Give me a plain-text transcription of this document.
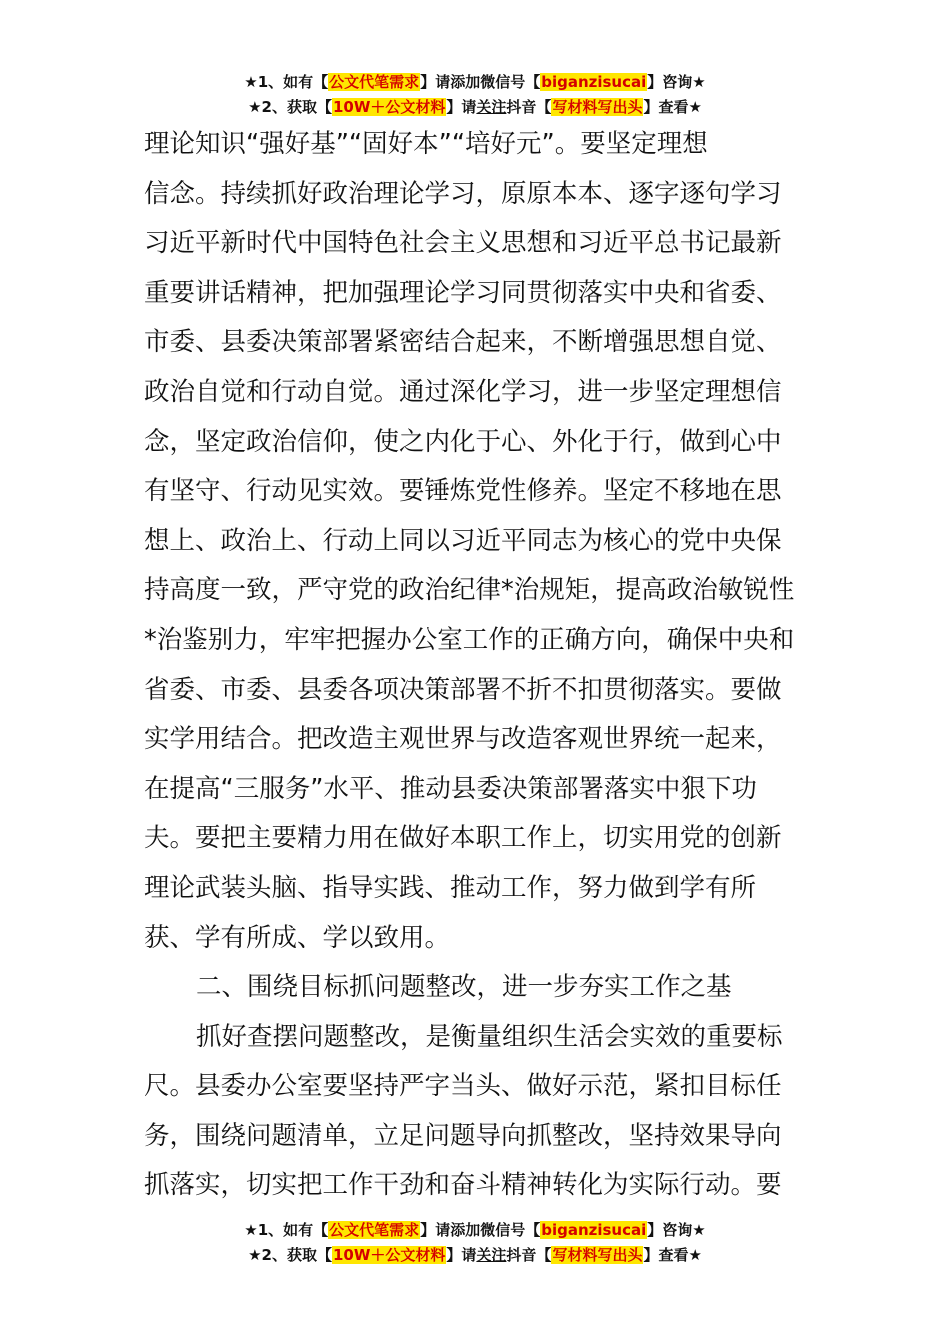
★1、如有【公文代笔需求】请添加微信号【biganzisucai】咨询★
★2、获取【10W＋公文材料】请关注抖音【写材料写出头】查看★
理论知识“强好基”“固好本”“培好元”。要坚定理想
信念。持续抓好政治理论学习，原原本本、逐字逐句学习
习近平新时代中国特色社会主义思想和习近平总书记最新
重要讲话精神，把加强理论学习同贯彻落实中央和省委、
市委、县委决策部署紧密结合起来，不断增强思想自觉、
政治自觉和行动自觉。通过深化学习，进一步坚定理想信
念，坚定政治信仰，使之内化于心、外化于行，做到心中
有坚守、行动见实效。要锤炼党性修养。坚定不移地在思
想上、政治上、行动上同以习近平同志为核心的党中央保
持高度一致，严守党的政治纪律*治规矩，提高政治敏锐性
*治鉴别力，牢牢把握办公室工作的正确方向，确保中央和
省委、市委、县委各项决策部署不折不扣贯彻落实。要做
实学用结合。把改造主观世界与改造客观世界统一起来，
在提高“三服务”水平、推动县委决策部署落实中狠下功
夫。要把主要精力用在做好本职工作上，切实用党的创新
理论武装头脑、指导实践、推动工作，努力做到学有所
获、学有所成、学以致用。
二、围绕目标抓问题整改，进一步夯实工作之基
抓好查摆问题整改，是衡量组织生活会实效的重要标
尺。县委办公室要坚持严字当头、做好示范，紧扣目标任
务，围绕问题清单，立足问题导向抓整改，坚持效果导向
抓落实，切实把工作干劲和奋斗精神转化为实际行动。要
★1、如有【公文代笔需求】请添加微信号【biganzisucai】咨询★
★2、获取【10W＋公文材料】请关注抖音【写材料写出头】查看★
